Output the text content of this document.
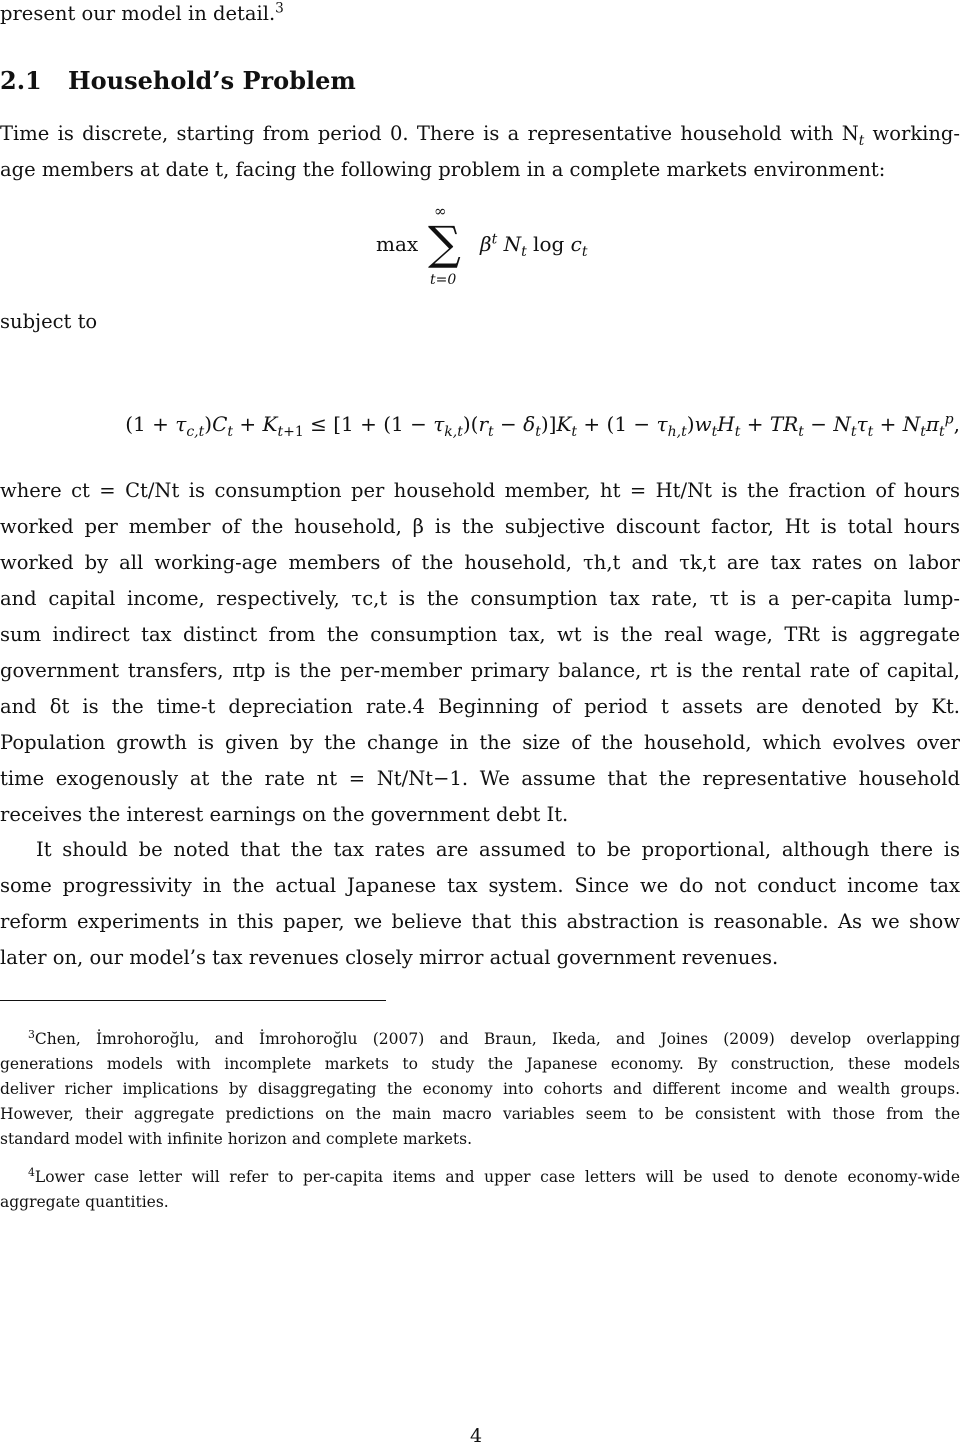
present our model in detail.$^3$
2.1 Household’s Problem
Time is discrete, starting from period 0. There is a representative household with $N_t$ working-
age members at date t, facing the following problem in a complete markets environment:
max
∞
∑
t=0
$\beta^t$ $N_t$ $\log c_t$
subject to
$(1 + \tau_{c,t})C_t + K_{t+1} \le [1 + (1 - \tau_{k,t})(r_t - \delta_t)]K_t + (1 - \tau_{h,t})w_tH_t + TR_t - N_t\tau_t + N_t\pi_t^p$,
where ct = Ct/Nt is consumption per household member, ht = Ht/Nt is the fraction of hours
worked per member of the household, β is the subjective discount factor, Ht is total hours
worked by all working-age members of the household, τh,t and τk,t are tax rates on labor
and capital income, respectively, τc,t is the consumption tax rate, τt is a per-capita lump-
sum indirect tax distinct from the consumption tax, wt is the real wage, TRt is aggregate
government transfers, πtp is the per-member primary balance, rt is the rental rate of capital,
and δt is the time-t depreciation rate.4 Beginning of period t assets are denoted by Kt.
Population growth is given by the change in the size of the household, which evolves over
time exogenously at the rate nt = Nt/Nt−1. We assume that the representative household
receives the interest earnings on the government debt It.
It should be noted that the tax rates are assumed to be proportional, although there is
some progressivity in the actual Japanese tax system. Since we do not conduct income tax
reform experiments in this paper, we believe that this abstraction is reasonable. As we show
later on, our model’s tax revenues closely mirror actual government revenues.
$^3$Chen, İmrohoroğlu, and İmrohoroğlu (2007) and Braun, Ikeda, and Joines (2009) develop overlapping
generations models with incomplete markets to study the Japanese economy. By construction, these models
deliver richer implications by disaggregating the economy into cohorts and different income and wealth groups.
However, their aggregate predictions on the main macro variables seem to be consistent with those from the
standard model with infinite horizon and complete markets.
$^4$Lower case letter will refer to per-capita items and upper case letters will be used to denote economy-wide
aggregate quantities.
4
